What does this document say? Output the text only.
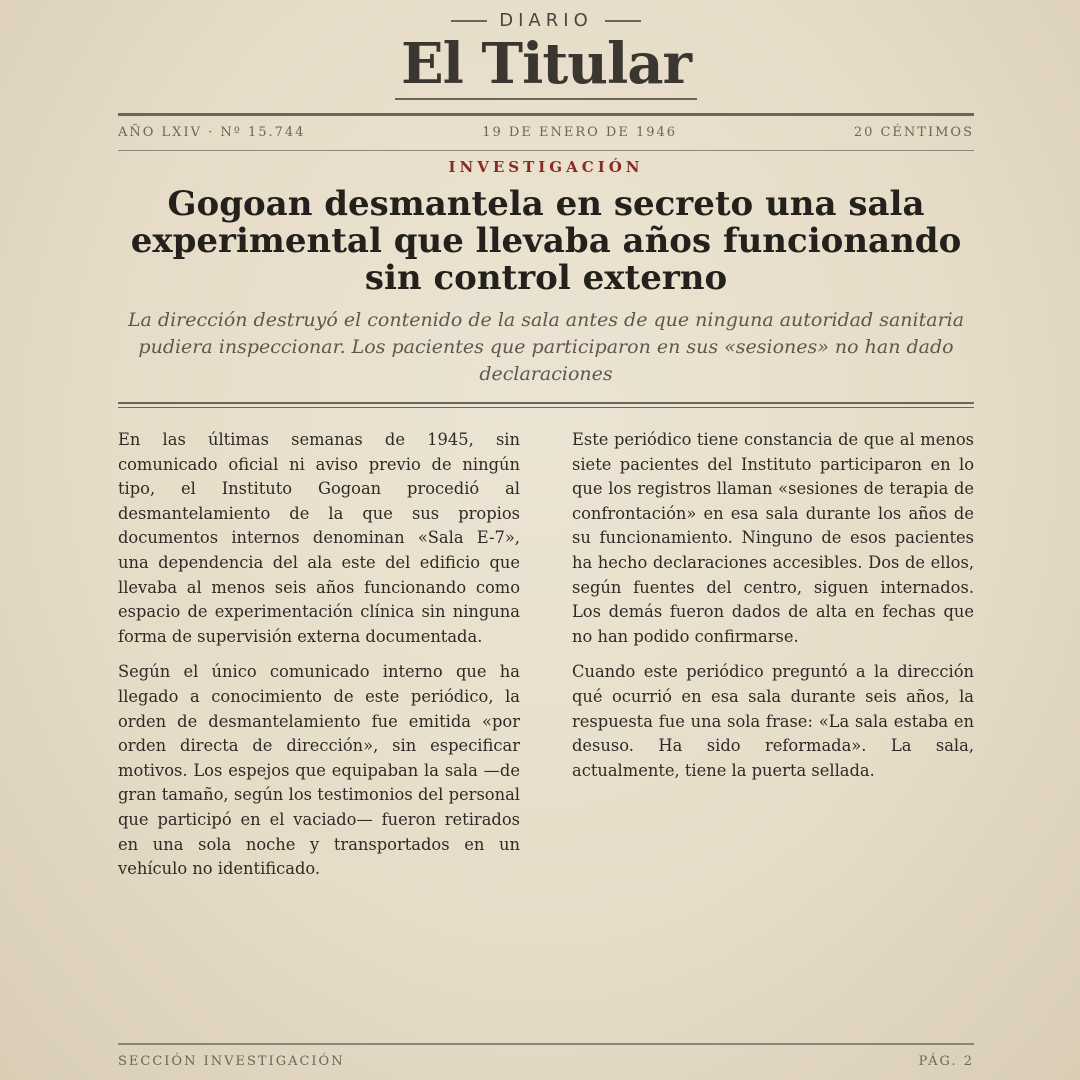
DIARIO
El Titular
AÑO LXIV · Nº 15.744	19 DE ENERO DE 1946	20 CÉNTIMOS
INVESTIGACIÓN
Gogoan desmantela en secreto una sala experimental que llevaba años funcionando sin control externo
La dirección destruyó el contenido de la sala antes de que ninguna autoridad sanitaria pudiera inspeccionar. Los pacientes que participaron en sus «sesiones» no han dado declaraciones

En las últimas semanas de 1945, sin comunicado oficial ni aviso previo de ningún tipo, el Instituto Gogoan procedió al desmantelamiento de la que sus propios documentos internos denominan «Sala E-7», una dependencia del ala este del edificio que llevaba al menos seis años funcionando como espacio de experimentación clínica sin ninguna forma de supervisión externa documentada.

Según el único comunicado interno que ha llegado a conocimiento de este periódico, la orden de desmantelamiento fue emitida «por orden directa de dirección», sin especificar motivos. Los espejos que equipaban la sala —de gran tamaño, según los testimonios del personal que participó en el vaciado— fueron retirados en una sola noche y transportados en un vehículo no identificado.

Este periódico tiene constancia de que al menos siete pacientes del Instituto participaron en lo que los registros llaman «sesiones de terapia de confrontación» en esa sala durante los años de su funcionamiento. Ninguno de esos pacientes ha hecho declaraciones accesibles. Dos de ellos, según fuentes del centro, siguen internados. Los demás fueron dados de alta en fechas que no han podido confirmarse.

Cuando este periódico preguntó a la dirección qué ocurrió en esa sala durante seis años, la respuesta fue una sola frase: «La sala estaba en desuso. Ha sido reformada». La sala, actualmente, tiene la puerta sellada.

SECCIÓN INVESTIGACIÓN	PÁG. 2
